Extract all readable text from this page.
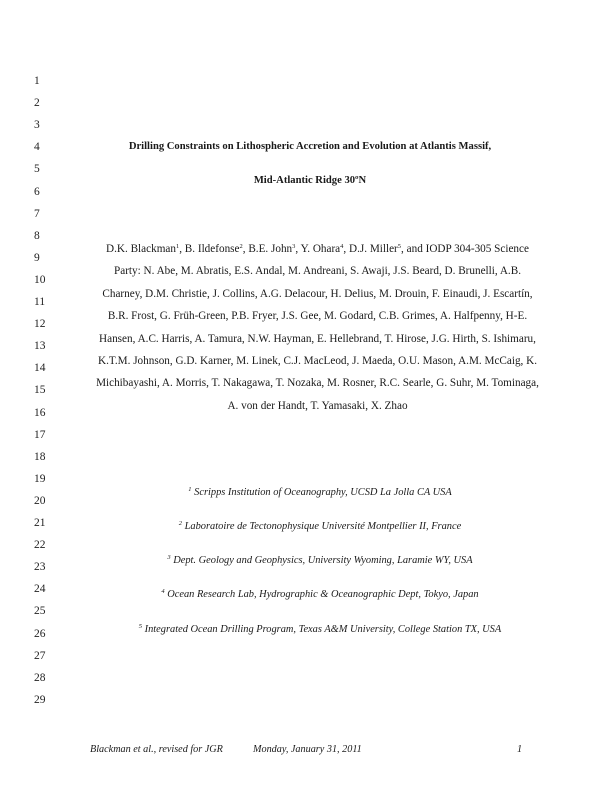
1
2
3
4
5
6
7
8
9
10
11
12
13
14
15
16
17
18
19
20
21
22
23
24
25
26
27
28
29
Drilling Constraints on Lithospheric Accretion and Evolution at Atlantis Massif,
Mid-Atlantic Ridge 30ºN
D.K. Blackman$^1$, B. Ildefonse$^2$, B.E. John$^3$, Y. Ohara$^4$, D.J. Miller$^5$, and IODP 304-305 Science Party: N. Abe, M. Abratis, E.S. Andal, M. Andreani, S. Awaji, J.S. Beard, D. Brunelli, A.B. Charney, D.M. Christie, J. Collins, A.G. Delacour, H. Delius, M. Drouin, F. Einaudi, J. Escartín, B.R. Frost, G. Früh-Green, P.B. Fryer, J.S. Gee, M. Godard, C.B. Grimes, A. Halfpenny, H-E. Hansen, A.C. Harris, A. Tamura, N.W. Hayman, E. Hellebrand, T. Hirose, J.G. Hirth, S. Ishimaru, K.T.M. Johnson, G.D. Karner, M. Linek, C.J. MacLeod, J. Maeda, O.U. Mason, A.M. McCaig, K. Michibayashi, A. Morris, T. Nakagawa, T. Nozaka, M. Rosner, R.C. Searle, G. Suhr, M. Tominaga, A. von der Handt, T. Yamasaki, X. Zhao
$^1$ Scripps Institution of Oceanography, UCSD La Jolla CA USA
$^2$ Laboratoire de Tectonophysique Université Montpellier II, France
$^3$ Dept. Geology and Geophysics, University Wyoming, Laramie WY, USA
$^4$ Ocean Research Lab, Hydrographic & Oceanographic Dept, Tokyo, Japan
$^5$ Integrated Ocean Drilling Program, Texas A&M University, College Station TX, USA
Blackman et al., revised for JGR	Monday, January 31, 2011	1
